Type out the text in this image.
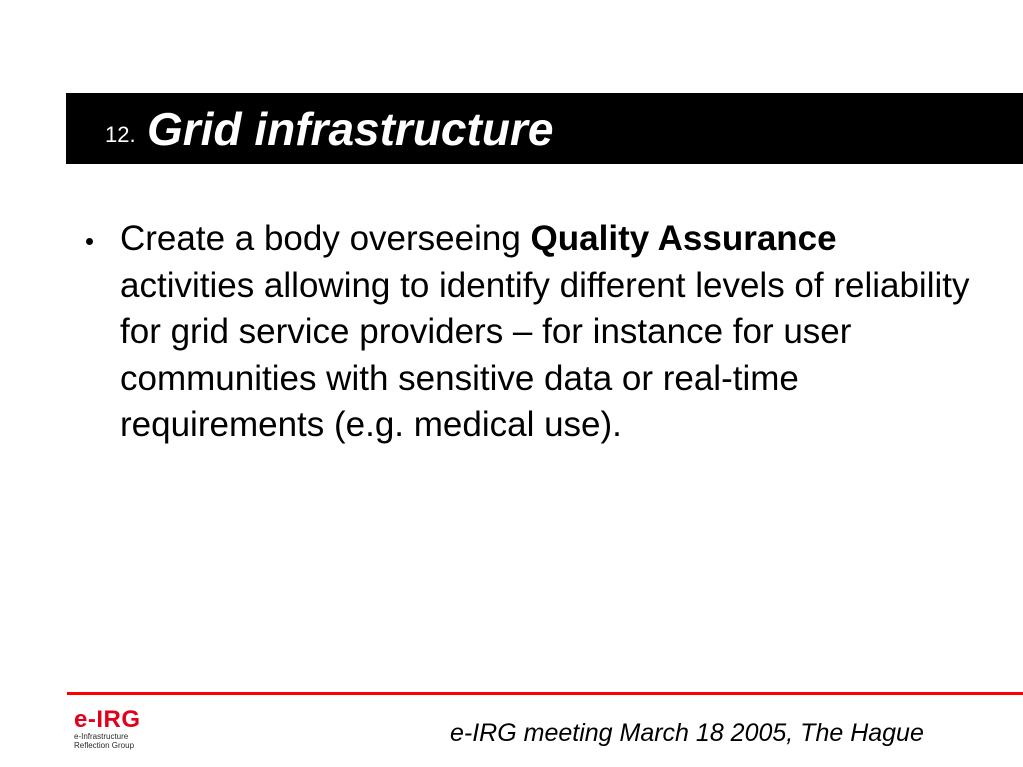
12. Grid infrastructure
Create a body overseeing Quality Assurance activities allowing to identify different levels of reliability for grid service providers – for instance for user communities with sensitive data or real-time requirements (e.g. medical use).
e-IRG
e-Infrastructure
Reflection Group	e-IRG meeting March 18 2005, The Hague
